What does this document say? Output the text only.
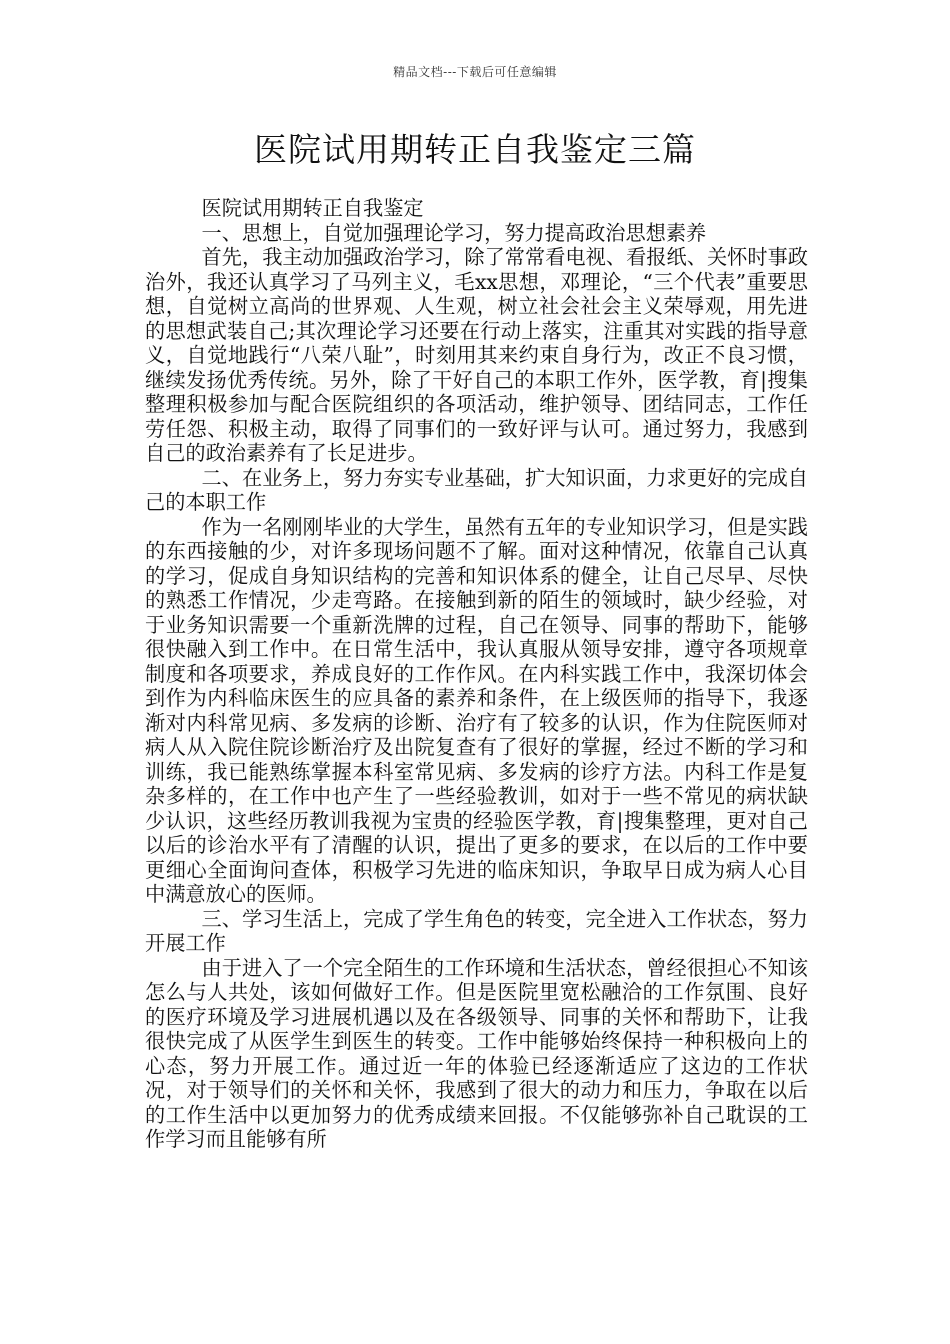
精品文档---下载后可任意编辑
医院试用期转正自我鉴定三篇

医院试用期转正自我鉴定

一、思想上，自觉加强理论学习，努力提高政治思想素养

首先，我主动加强政治学习，除了常常看电视、看报纸、关怀时事政治外，我还认真学习了马列主义，毛xx思想，邓理论，“三个代表”重要思想，自觉树立高尚的世界观、人生观，树立社会社会主义荣辱观，用先进的思想武装自己;其次理论学习还要在行动上落实，注重其对实践的指导意义，自觉地践行“八荣八耻”，时刻用其来约束自身行为，改正不良习惯，继续发扬优秀传统。另外，除了干好自己的本职工作外，医学教，育|搜集整理积极参加与配合医院组织的各项活动，维护领导、团结同志，工作任劳任怨、积极主动，取得了同事们的一致好评与认可。通过努力，我感到自己的政治素养有了长足进步。

二、在业务上，努力夯实专业基础，扩大知识面，力求更好的完成自己的本职工作

作为一名刚刚毕业的大学生，虽然有五年的专业知识学习，但是实践的东西接触的少，对许多现场问题不了解。面对这种情况，依靠自己认真的学习，促成自身知识结构的完善和知识体系的健全，让自己尽早、尽快的熟悉工作情况，少走弯路。在接触到新的陌生的领域时，缺少经验，对于业务知识需要一个重新洗牌的过程，自己在领导、同事的帮助下，能够很快融入到工作中。在日常生活中，我认真服从领导安排，遵守各项规章制度和各项要求，养成良好的工作作风。在内科实践工作中，我深切体会到作为内科临床医生的应具备的素养和条件，在上级医师的指导下，我逐渐对内科常见病、多发病的诊断、治疗有了较多的认识，作为住院医师对病人从入院住院诊断治疗及出院复查有了很好的掌握，经过不断的学习和训练，我已能熟练掌握本科室常见病、多发病的诊疗方法。内科工作是复杂多样的，在工作中也产生了一些经验教训，如对于一些不常见的病状缺少认识，这些经历教训我视为宝贵的经验医学教，育|搜集整理，更对自己以后的诊治水平有了清醒的认识，提出了更多的要求，在以后的工作中要更细心全面询问查体，积极学习先进的临床知识，争取早日成为病人心目中满意放心的医师。

三、学习生活上，完成了学生角色的转变，完全进入工作状态，努力开展工作

由于进入了一个完全陌生的工作环境和生活状态，曾经很担心不知该怎么与人共处，该如何做好工作。但是医院里宽松融洽的工作氛围、良好的医疗环境及学习进展机遇以及在各级领导、同事的关怀和帮助下，让我很快完成了从医学生到医生的转变。工作中能够始终保持一种积极向上的心态，努力开展工作。通过近一年的体验已经逐渐适应了这边的工作状况，对于领导们的关怀和关怀，我感到了很大的动力和压力，争取在以后的工作生活中以更加努力的优秀成绩来回报。不仅能够弥补自己耽误的工作学习而且能够有所
